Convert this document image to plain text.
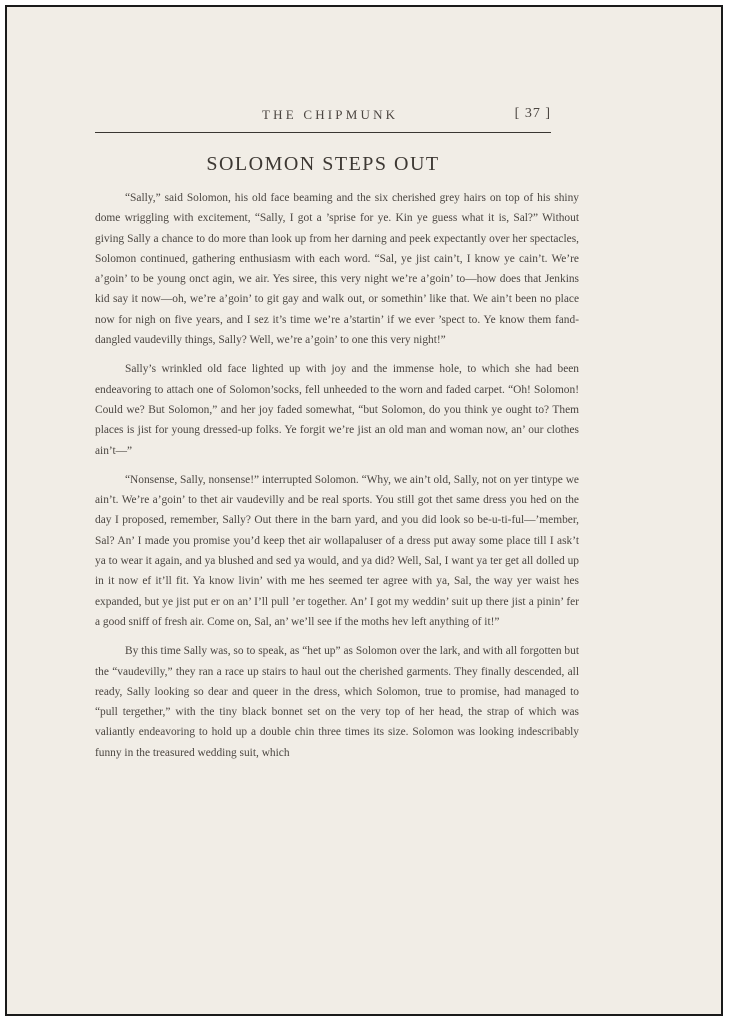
THE CHIPMUNK	[ 37 ]
SOLOMON STEPS OUT

“Sally,” said Solomon, his old face beaming and the six cherished grey hairs on top of his shiny dome wriggling with excitement, “Sally, I got a ’sprise for ye. Kin ye guess what it is, Sal?” Without giving Sally a chance to do more than look up from her darning and peek expectantly over her spectacles, Solomon continued, gathering enthusiasm with each word. “Sal, ye jist cain’t, I know ye cain’t. We’re a’goin’ to be young onct agin, we air. Yes siree, this very night we’re a’goin’ to—how does that Jenkins kid say it now—oh, we’re a’goin’ to git gay and walk out, or somethin’ like that. We ain’t been no place now for nigh on five years, and I sez it’s time we’re a’startin’ if we ever ’spect to. Ye know them fand-dangled vaudevilly things, Sally? Well, we’re a’goin’ to one this very night!”

Sally’s wrinkled old face lighted up with joy and the immense hole, to which she had been endeavoring to attach one of Solomon’socks, fell unheeded to the worn and faded carpet. “Oh! Solomon! Could we? But Solomon,” and her joy faded somewhat, “but Solomon, do you think ye ought to? Them places is jist for young dressed-up folks. Ye forgit we’re jist an old man and woman now, an’ our clothes ain’t—”

“Nonsense, Sally, nonsense!” interrupted Solomon. “Why, we ain’t old, Sally, not on yer tintype we ain’t. We’re a’goin’ to thet air vaudevilly and be real sports. You still got thet same dress you hed on the day I proposed, remember, Sally? Out there in the barn yard, and you did look so be-u-ti-ful—’member, Sal? An’ I made you promise you’d keep thet air wollapaluser of a dress put away some place till I ask’t ya to wear it again, and ya blushed and sed ya would, and ya did? Well, Sal, I want ya ter get all dolled up in it now ef it’ll fit. Ya know livin’ with me hes seemed ter agree with ya, Sal, the way yer waist hes expanded, but ye jist put er on an’ I’ll pull ’er together. An’ I got my weddin’ suit up there jist a pinin’ fer a good sniff of fresh air. Come on, Sal, an’ we’ll see if the moths hev left anything of it!”

By this time Sally was, so to speak, as “het up” as Solomon over the lark, and with all forgotten but the “vaudevilly,” they ran a race up stairs to haul out the cherished garments. They finally descended, all ready, Sally looking so dear and queer in the dress, which Solomon, true to promise, had managed to “pull tergether,” with the tiny black bonnet set on the very top of her head, the strap of which was valiantly endeavoring to hold up a double chin three times its size. Solomon was looking indescribably funny in the treasured wedding suit, which
